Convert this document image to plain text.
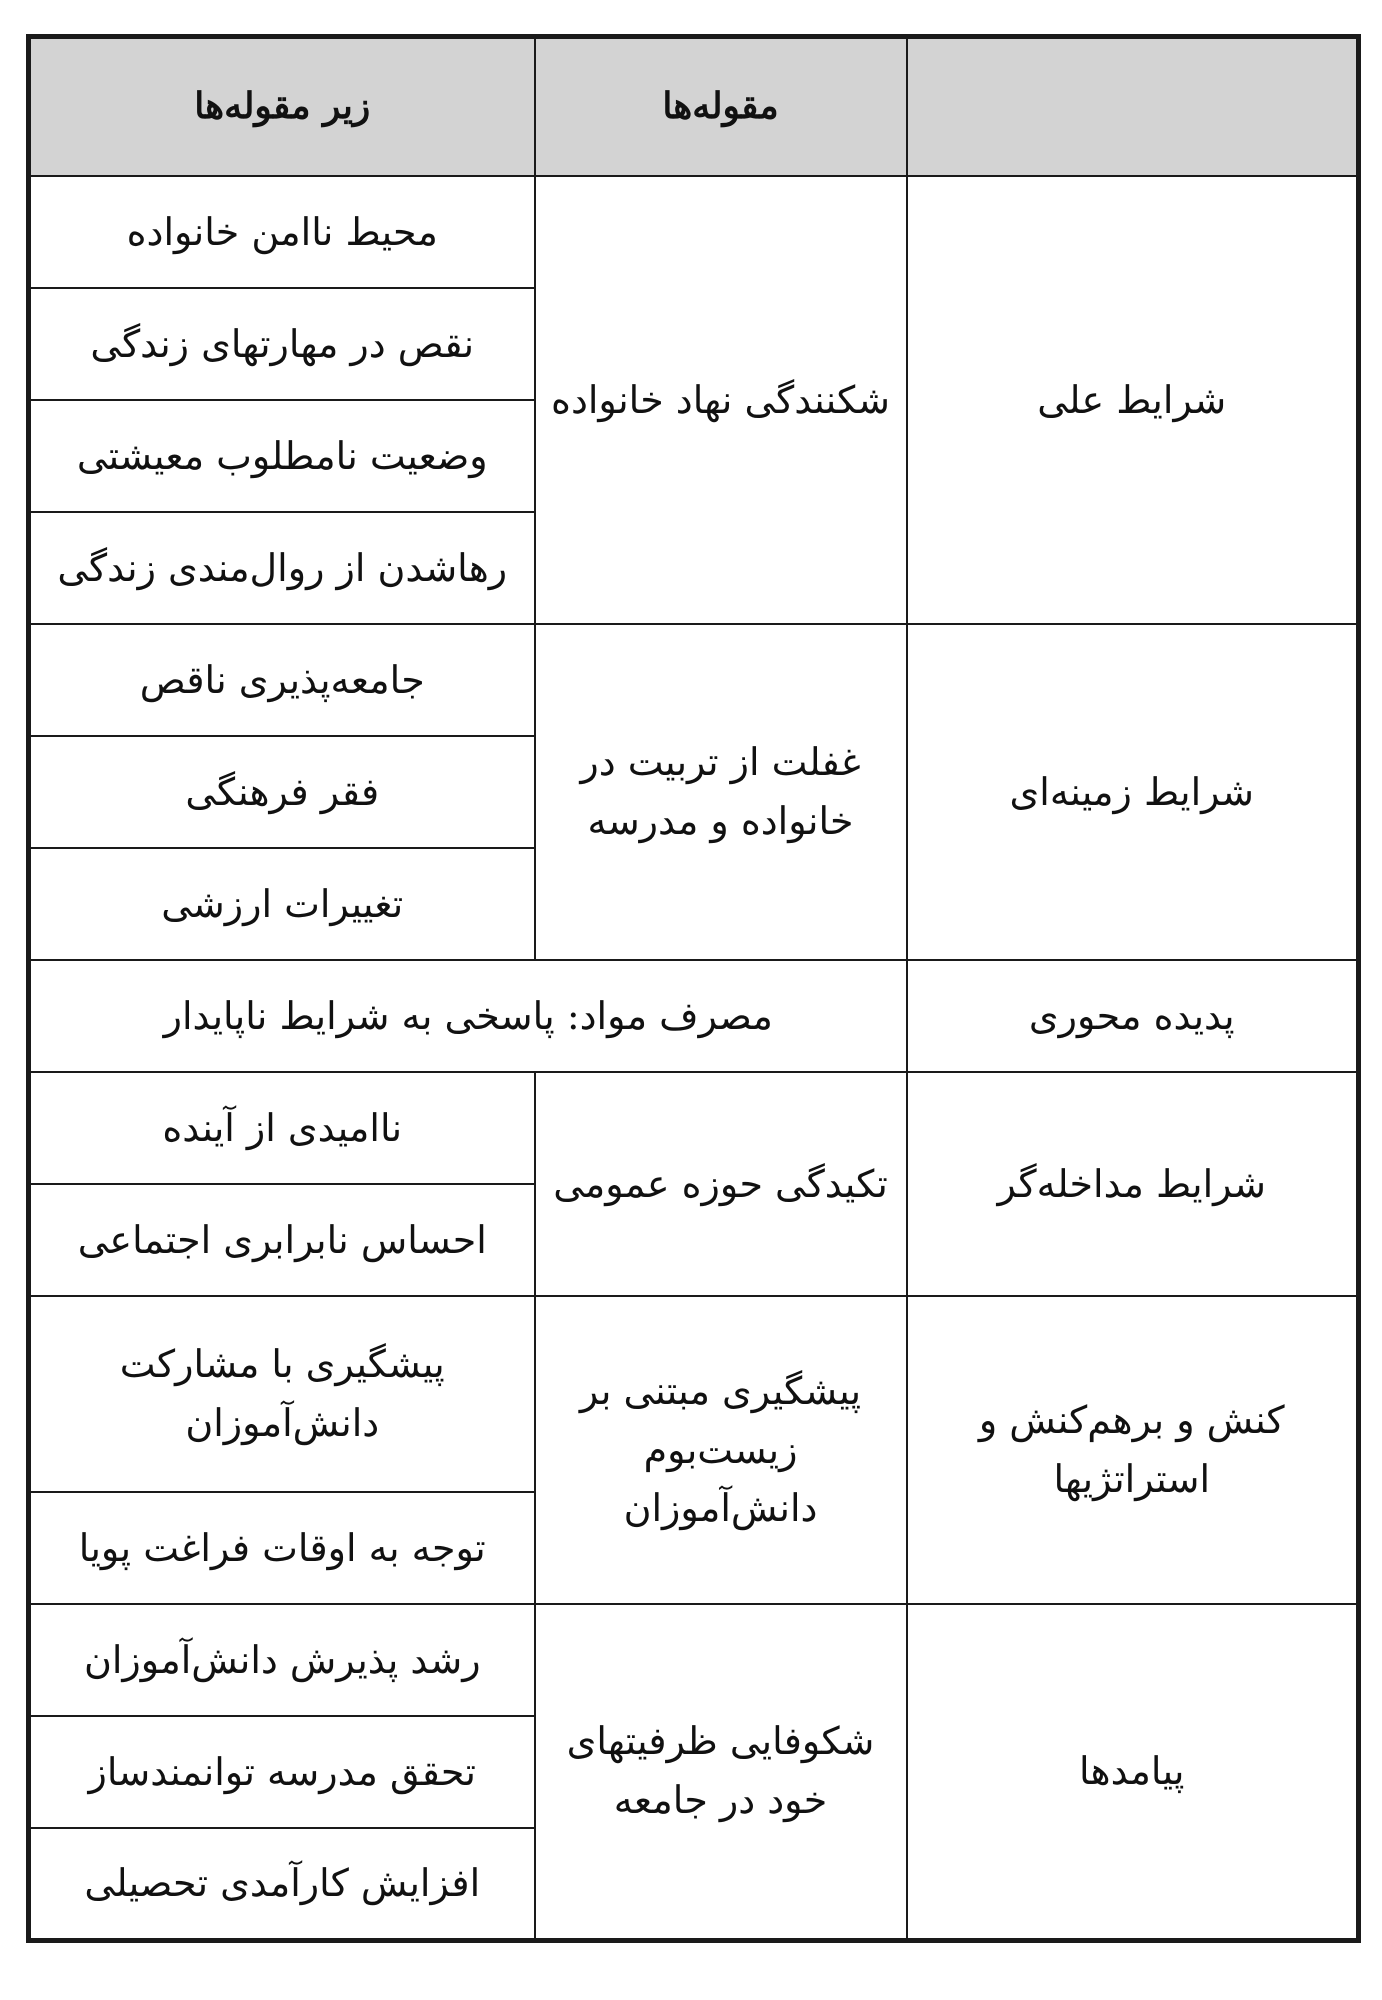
	مقوله‌ها	زیر مقوله‌ها
شرایط علی	شکنندگی نهاد خانواده	محیط ناامن خانواده
		نقص در مهارتهای زندگی
		وضعیت نامطلوب معیشتی
		رهاشدن از روال‌مندی زندگی
شرایط زمینه‌ای	غفلت از تربیت در خانواده و مدرسه	جامعه‌پذیری ناقص
		فقر فرهنگی
		تغییرات ارزشی
پدیده محوری	مصرف مواد: پاسخی به شرایط ناپایدار	
شرایط مداخله‌گر	تکیدگی حوزه عمومی	ناامیدی از آینده
		احساس نابرابری اجتماعی
کنش و برهم‌کنش و استراتژیها	پیشگیری مبتنی بر زیست‌بوم دانش‌آموزان	پیشگیری با مشارکت دانش‌آموزان
		توجه به اوقات فراغت پویا
پیامدها	شکوفایی ظرفیتهای خود در جامعه	رشد پذیرش دانش‌آموزان
		تحقق مدرسه توانمندساز
		افزایش کارآمدی تحصیلی
